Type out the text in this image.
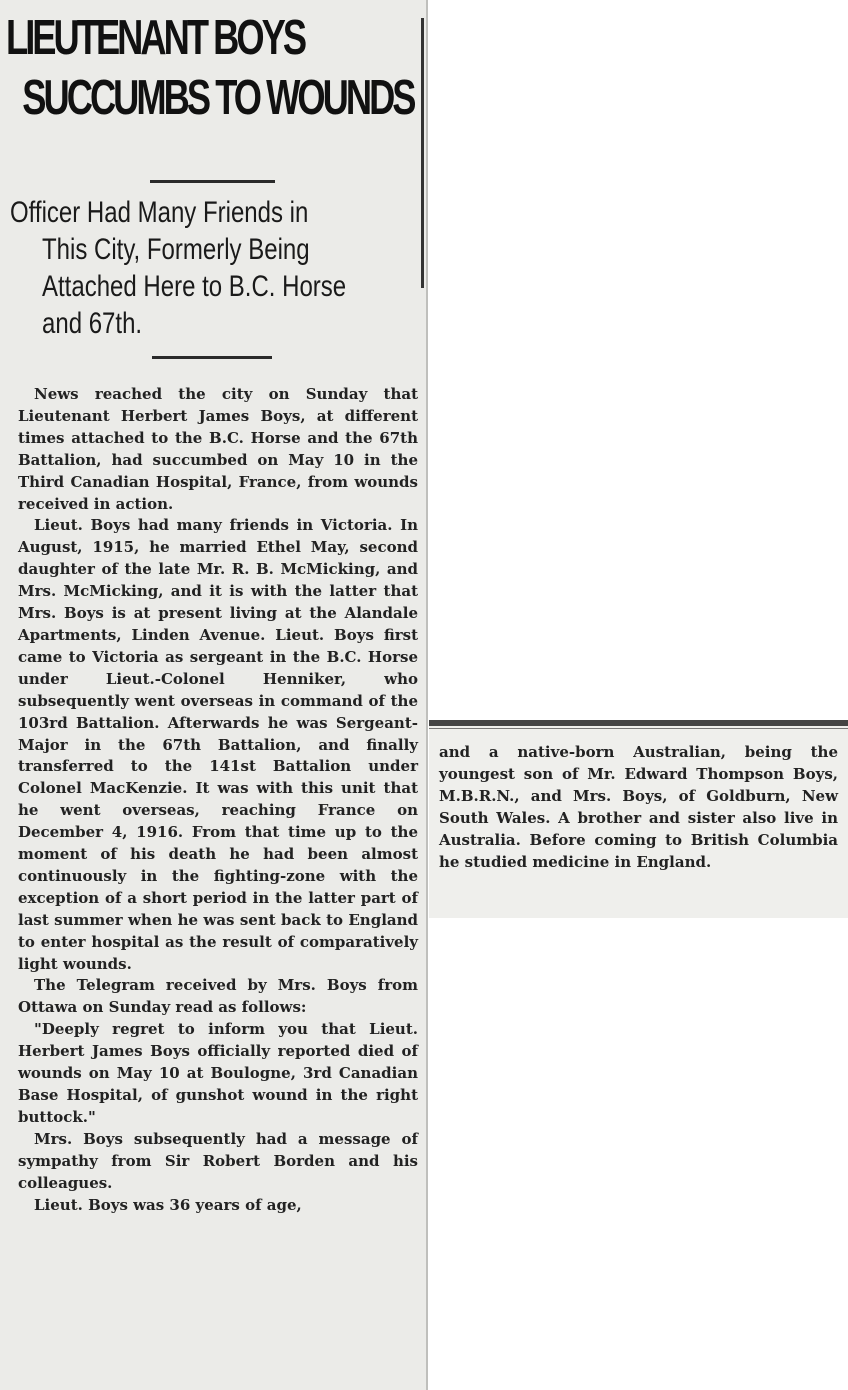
LIEUTENANT BOYS
SUCCUMBS TO WOUNDS
Officer Had Many Friends in
This City, Formerly Being
Attached Here to B.C. Horse
and 67th.

News reached the city on Sunday that Lieutenant Herbert James Boys, at different times attached to the B.C. Horse and the 67th Battalion, had succumbed on May 10 in the Third Canadian Hospital, France, from wounds received in action.

Lieut. Boys had many friends in Victoria. In August, 1915, he married Ethel May, second daughter of the late Mr. R. B. McMicking, and Mrs. McMicking, and it is with the latter that Mrs. Boys is at present living at the Alandale Apartments, Linden Avenue. Lieut. Boys first came to Victoria as sergeant in the B.C. Horse under Lieut.-Colonel Henniker, who subsequently went overseas in command of the 103rd Battalion. Afterwards he was Sergeant-Major in the 67th Battalion, and finally transferred to the 141st Battalion under Colonel MacKenzie. It was with this unit that he went overseas, reaching France on December 4, 1916. From that time up to the moment of his death he had been almost continuously in the fighting-zone with the exception of a short period in the latter part of last summer when he was sent back to England to enter hospital as the result of comparatively light wounds.

The Telegram received by Mrs. Boys from Ottawa on Sunday read as follows:

"Deeply regret to inform you that Lieut. Herbert James Boys officially reported died of wounds on May 10 at Boulogne, 3rd Canadian Base Hospital, of gunshot wound in the right buttock."

Mrs. Boys subsequently had a message of sympathy from Sir Robert Borden and his colleagues.

Lieut. Boys was 36 years of age,

and a native-born Australian, being the youngest son of Mr. Edward Thompson Boys, M.B.R.N., and Mrs. Boys, of Goldburn, New South Wales. A brother and sister also live in Australia. Before coming to British Columbia he studied medicine in England.
